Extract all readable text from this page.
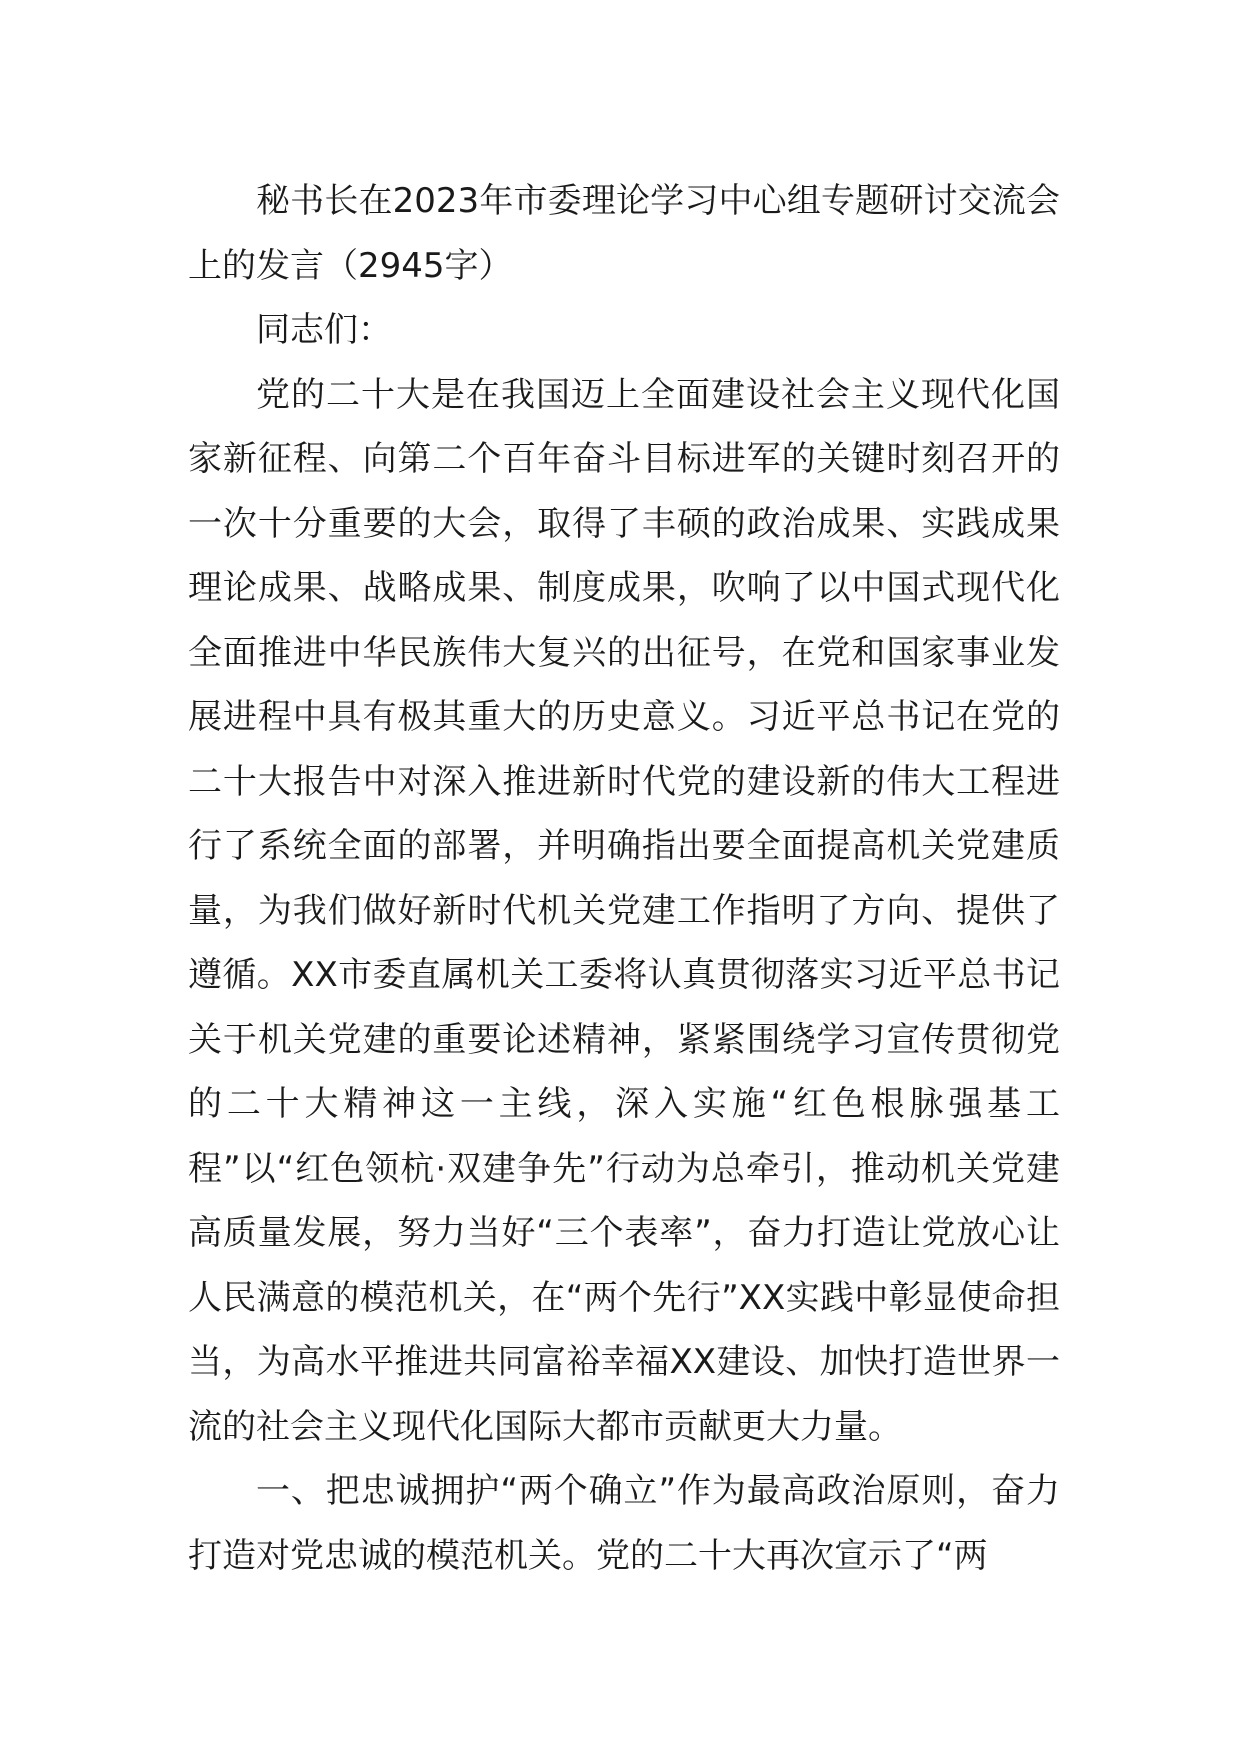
秘书长在2023年市委理论学习中心组专题研讨交流会上的发言（2945字）

同志们：

党的二十大是在我国迈上全面建设社会主义现代化国家新征程、向第二个百年奋斗目标进军的关键时刻召开的一次十分重要的大会，取得了丰硕的政治成果、实践成果理论成果、战略成果、制度成果，吹响了以中国式现代化全面推进中华民族伟大复兴的出征号，在党和国家事业发展进程中具有极其重大的历史意义。习近平总书记在党的二十大报告中对深入推进新时代党的建设新的伟大工程进行了系统全面的部署，并明确指出要全面提高机关党建质量，为我们做好新时代机关党建工作指明了方向、提供了遵循。XX市委直属机关工委将认真贯彻落实习近平总书记关于机关党建的重要论述精神，紧紧围绕学习宣传贯彻党的二十大精神这一主线，深入实施“红色根脉强基工程”以“红色领杭·双建争先”行动为总牵引，推动机关党建高质量发展，努力当好“三个表率”，奋力打造让党放心让人民满意的模范机关，在“两个先行”XX实践中彰显使命担当，为高水平推进共同富裕幸福XX建设、加快打造世界一流的社会主义现代化国际大都市贡献更大力量。

一、把忠诚拥护“两个确立”作为最高政治原则，奋力打造对党忠诚的模范机关。党的二十大再次宣示了“两
